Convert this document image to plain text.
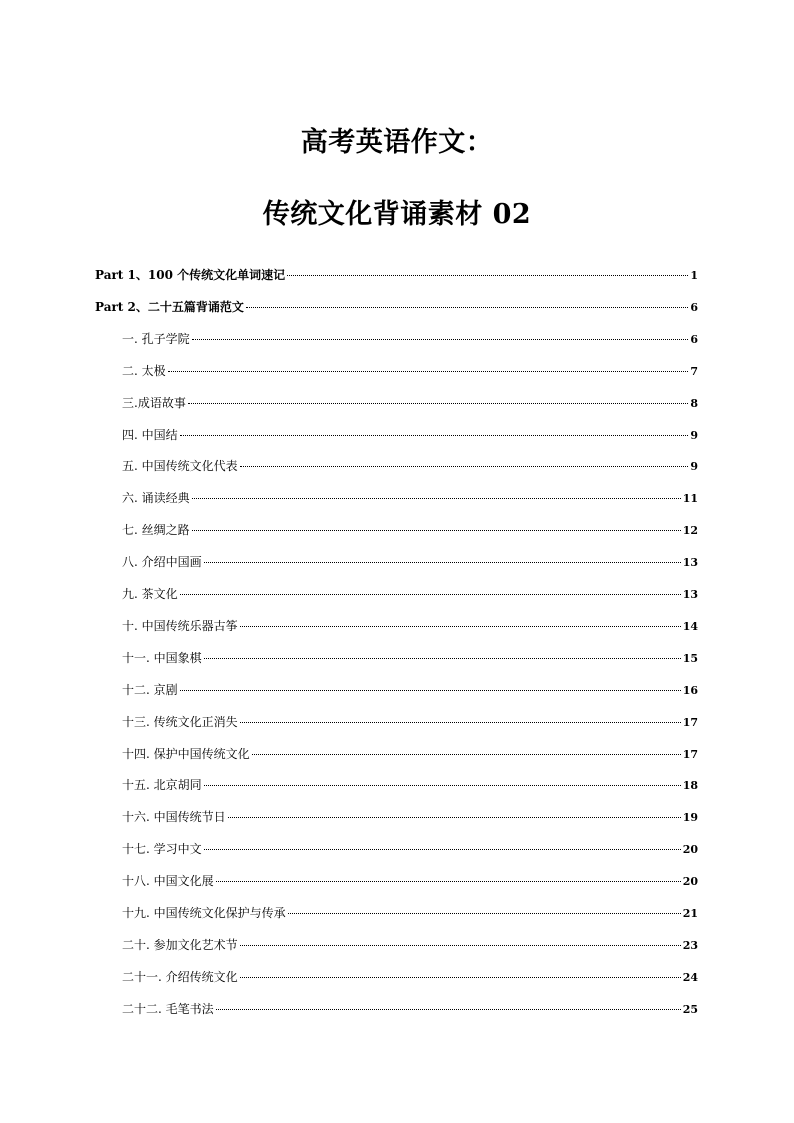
高考英语作文：
传统文化背诵素材 02
Part 1、100 个传统文化单词速记	1
Part 2、二十五篇背诵范文	6
一. 孔子学院	6
二. 太极	7
三.成语故事	8
四. 中国结	9
五. 中国传统文化代表	9
六. 诵读经典	11
七. 丝绸之路	12
八. 介绍中国画	13
九. 茶文化	13
十. 中国传统乐器古筝	14
十一. 中国象棋	15
十二. 京剧	16
十三. 传统文化正消失	17
十四. 保护中国传统文化	17
十五. 北京胡同	18
十六. 中国传统节日	19
十七. 学习中文	20
十八. 中国文化展	20
十九. 中国传统文化保护与传承	21
二十. 参加文化艺术节	23
二十一. 介绍传统文化	24
二十二. 毛笔书法	25
